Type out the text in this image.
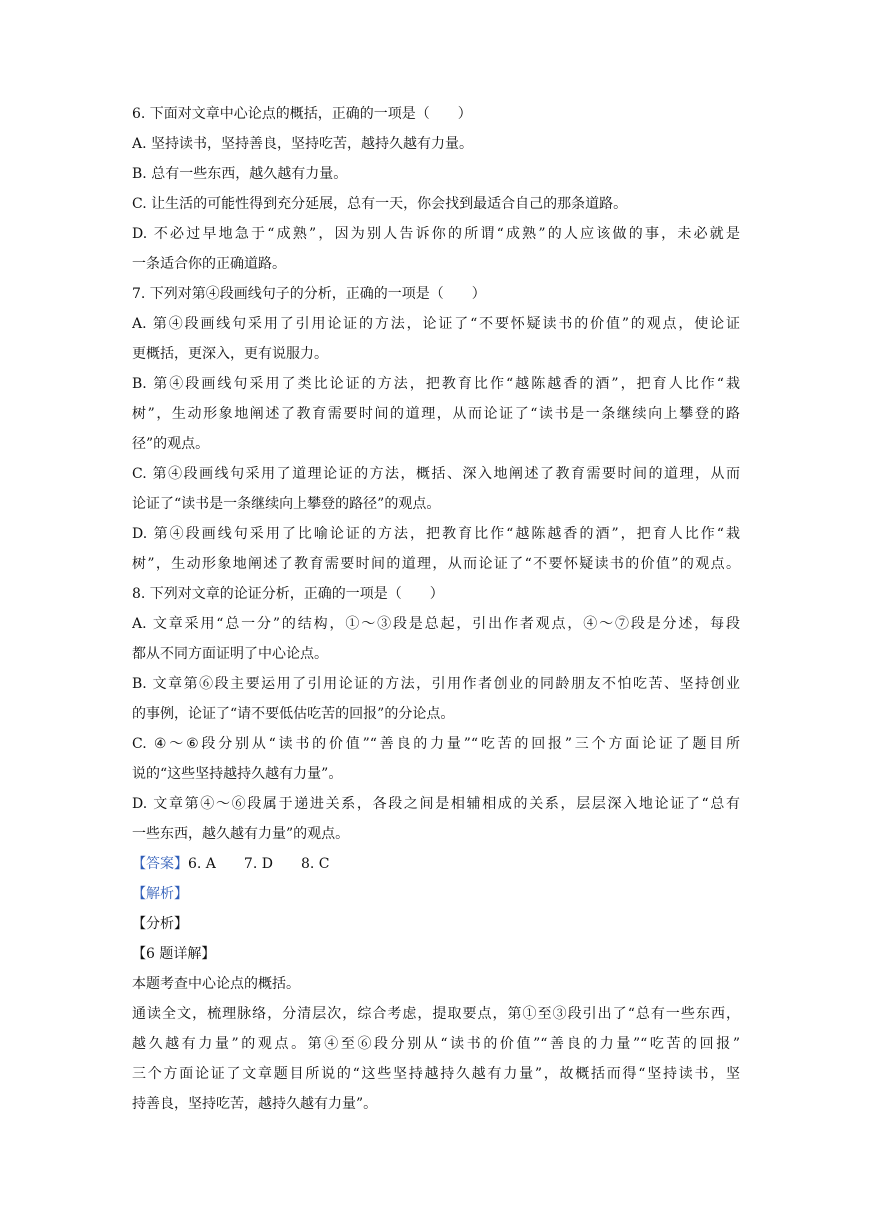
6. 下面对文章中心论点的概括，正确的一项是（　　）
A. 坚持读书，坚持善良，坚持吃苦，越持久越有力量。
B. 总有一些东西，越久越有力量。
C. 让生活的可能性得到充分延展，总有一天，你会找到最适合自己的那条道路。
D. 不必过早地急于“成熟”，因为别人告诉你的所谓“成熟”的人应该做的事，未必就是
一条适合你的正确道路。
7. 下列对第④段画线句子的分析，正确的一项是（　　）
A. 第④段画线句采用了引用论证的方法，论证了“不要怀疑读书的价值”的观点，使论证
更概括，更深入，更有说服力。
B. 第④段画线句采用了类比论证的方法，把教育比作“越陈越香的酒”，把育人比作“栽
树”，生动形象地阐述了教育需要时间的道理，从而论证了“读书是一条继续向上攀登的路
径”的观点。
C. 第④段画线句采用了道理论证的方法，概括、深入地阐述了教育需要时间的道理，从而
论证了“读书是一条继续向上攀登的路径”的观点。
D. 第④段画线句采用了比喻论证的方法，把教育比作“越陈越香的酒”，把育人比作“栽
树”，生动形象地阐述了教育需要时间的道理，从而论证了“不要怀疑读书的价值”的观点。
8. 下列对文章的论证分析，正确的一项是（　　）
A. 文章采用“总一分”的结构，①～③段是总起，引出作者观点，④～⑦段是分述，每段
都从不同方面证明了中心论点。
B. 文章第⑥段主要运用了引用论证的方法，引用作者创业的同龄朋友不怕吃苦、坚持创业
的事例，论证了“请不要低估吃苦的回报”的分论点。
C. ④～⑥段分别从“读书的价值”“善良的力量”“吃苦的回报”三个方面论证了题目所
说的“这些坚持越持久越有力量”。
D. 文章第④～⑥段属于递进关系，各段之间是相辅相成的关系，层层深入地论证了“总有
一些东西，越久越有力量”的观点。
【答案】6. A　　7. D　　8. C
【解析】
【分析】
【6 题详解】
本题考查中心论点的概括。
通读全文，梳理脉络，分清层次，综合考虑，提取要点，第①至③段引出了“总有一些东西，
越久越有力量”的观点。第④至⑥段分别从“读书的价值”“善良的力量”“吃苦的回报”
三个方面论证了文章题目所说的“这些坚持越持久越有力量”，故概括而得“坚持读书，坚
持善良，坚持吃苦，越持久越有力量”。
